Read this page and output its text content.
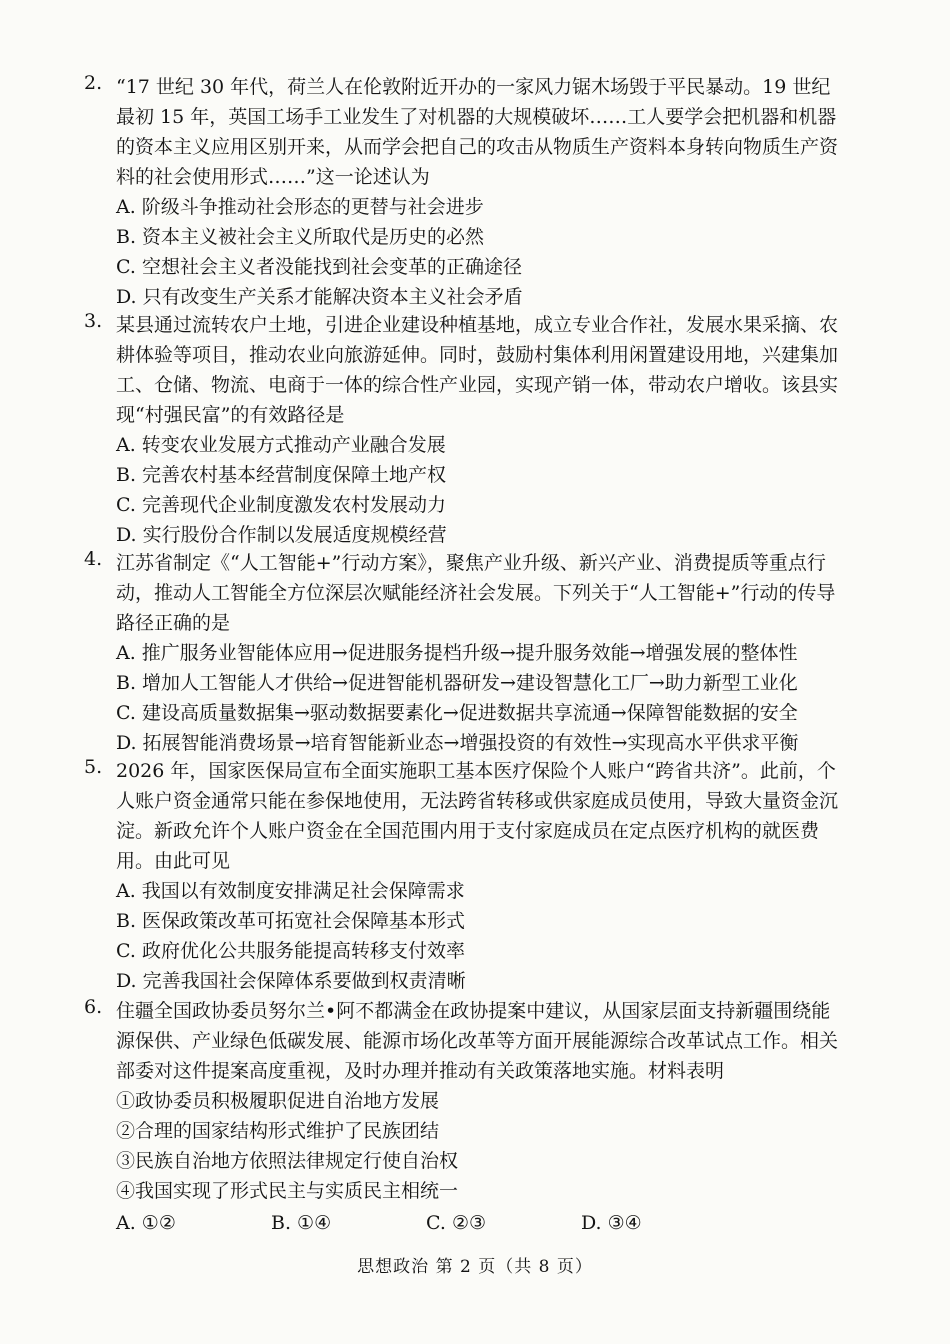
2. “17 世纪 30 年代，荷兰人在伦敦附近开办的一家风力锯木场毁于平民暴动。19 世纪最初 15 年，英国工场手工业发生了对机器的大规模破坏……工人要学会把机器和机器的资本主义应用区别开来，从而学会把自己的攻击从物质生产资料本身转向物质生产资料的社会使用形式……”这一论述认为
A. 阶级斗争推动社会形态的更替与社会进步
B. 资本主义被社会主义所取代是历史的必然
C. 空想社会主义者没能找到社会变革的正确途径
D. 只有改变生产关系才能解决资本主义社会矛盾
3. 某县通过流转农户土地，引进企业建设种植基地，成立专业合作社，发展水果采摘、农耕体验等项目，推动农业向旅游延伸。同时，鼓励村集体利用闲置建设用地，兴建集加工、仓储、物流、电商于一体的综合性产业园，实现产销一体，带动农户增收。该县实现“村强民富”的有效路径是
A. 转变农业发展方式推动产业融合发展
B. 完善农村基本经营制度保障土地产权
C. 完善现代企业制度激发农村发展动力
D. 实行股份合作制以发展适度规模经营
4. 江苏省制定《“人工智能+”行动方案》，聚焦产业升级、新兴产业、消费提质等重点行动，推动人工智能全方位深层次赋能经济社会发展。下列关于“人工智能+”行动的传导路径正确的是
A. 推广服务业智能体应用→促进服务提档升级→提升服务效能→增强发展的整体性
B. 增加人工智能人才供给→促进智能机器研发→建设智慧化工厂→助力新型工业化
C. 建设高质量数据集→驱动数据要素化→促进数据共享流通→保障智能数据的安全
D. 拓展智能消费场景→培育智能新业态→增强投资的有效性→实现高水平供求平衡
5. 2026 年，国家医保局宣布全面实施职工基本医疗保险个人账户“跨省共济”。此前，个人账户资金通常只能在参保地使用，无法跨省转移或供家庭成员使用，导致大量资金沉淀。新政允许个人账户资金在全国范围内用于支付家庭成员在定点医疗机构的就医费用。由此可见
A. 我国以有效制度安排满足社会保障需求
B. 医保政策改革可拓宽社会保障基本形式
C. 政府优化公共服务能提高转移支付效率
D. 完善我国社会保障体系要做到权责清晰
6. 住疆全国政协委员努尔兰•阿不都满金在政协提案中建议，从国家层面支持新疆围绕能源保供、产业绿色低碳发展、能源市场化改革等方面开展能源综合改革试点工作。相关部委对这件提案高度重视，及时办理并推动有关政策落地实施。材料表明
①政协委员积极履职促进自治地方发展
②合理的国家结构形式维护了民族团结
③民族自治地方依照法律规定行使自治权
④我国实现了形式民主与实质民主相统一
A. ①②	B. ①④	C. ②③	D. ③④
思想政治 第 2 页（共 8 页）
